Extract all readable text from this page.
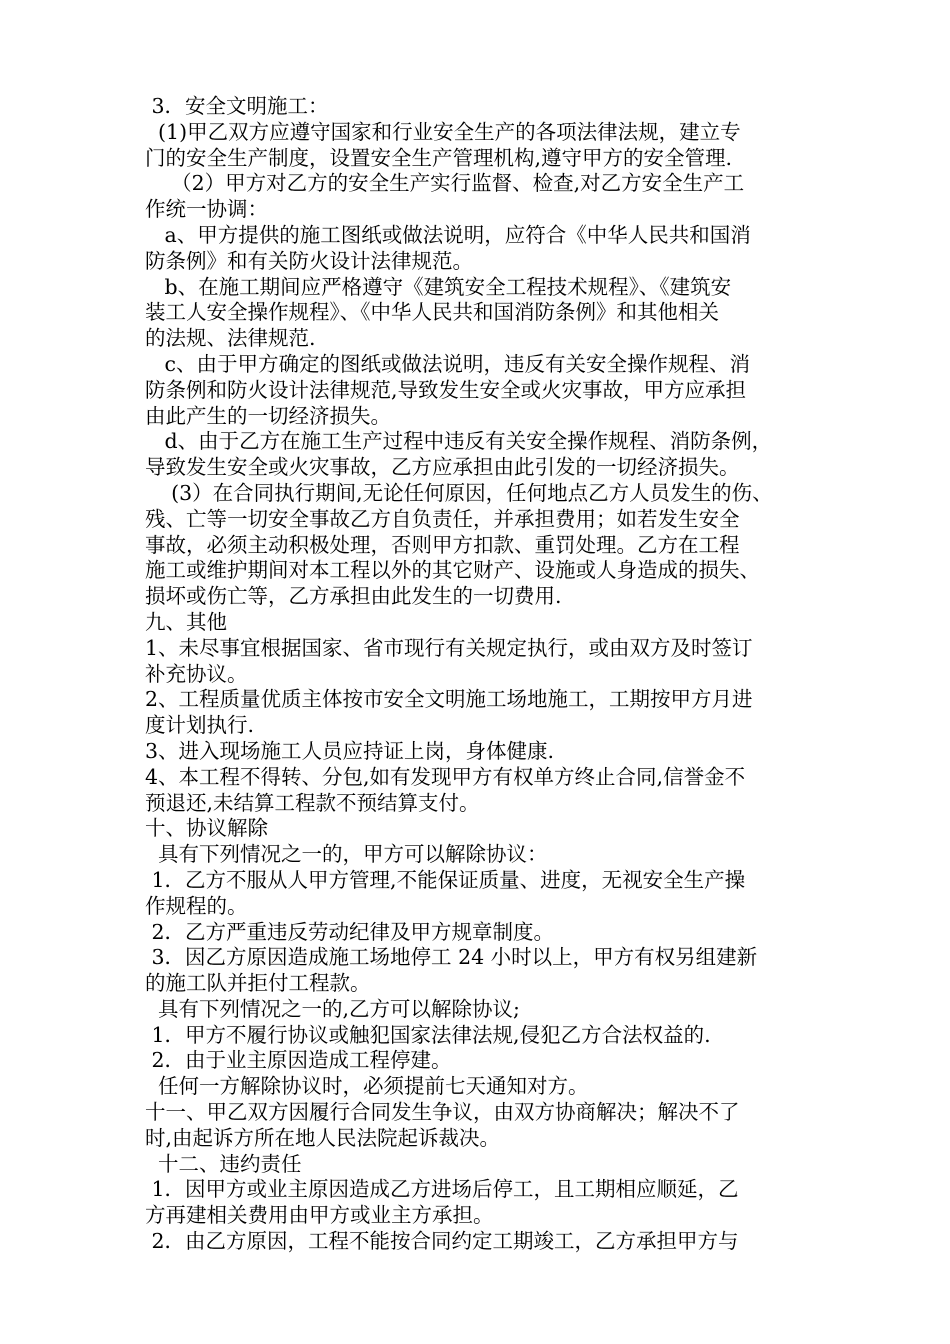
3．安全文明施工：
(1)甲乙双方应遵守国家和行业安全生产的各项法律法规，建立专
门的安全生产制度，设置安全生产管理机构,遵守甲方的安全管理.
（2）甲方对乙方的安全生产实行监督、检查,对乙方安全生产工
作统一协调：
a、甲方提供的施工图纸或做法说明，应符合《中华人民共和国消
防条例》和有关防火设计法律规范。
b、在施工期间应严格遵守《建筑安全工程技术规程》、《建筑安
装工人安全操作规程》、《中华人民共和国消防条例》和其他相关
的法规、法律规范.
c、由于甲方确定的图纸或做法说明，违反有关安全操作规程、消
防条例和防火设计法律规范,导致发生安全或火灾事故，甲方应承担
由此产生的一切经济损失。
d、由于乙方在施工生产过程中违反有关安全操作规程、消防条例，
导致发生安全或火灾事故，乙方应承担由此引发的一切经济损失。
(3）在合同执行期间,无论任何原因，任何地点乙方人员发生的伤、
残、亡等一切安全事故乙方自负责任，并承担费用；如若发生安全
事故，必须主动积极处理，否则甲方扣款、重罚处理。乙方在工程
施工或维护期间对本工程以外的其它财产、设施或人身造成的损失、
损坏或伤亡等，乙方承担由此发生的一切费用.
九、其他
1、未尽事宜根据国家、省市现行有关规定执行，或由双方及时签订
补充协议。
2、工程质量优质主体按市安全文明施工场地施工，工期按甲方月进
度计划执行.
3、进入现场施工人员应持证上岗，身体健康.
4、本工程不得转、分包,如有发现甲方有权单方终止合同,信誉金不
预退还,未结算工程款不预结算支付。
十、协议解除
具有下列情况之一的，甲方可以解除协议：
1．乙方不服从人甲方管理,不能保证质量、进度，无视安全生产操
作规程的。
2．乙方严重违反劳动纪律及甲方规章制度。
3．因乙方原因造成施工场地停工 24 小时以上，甲方有权另组建新
的施工队并拒付工程款。
具有下列情况之一的,乙方可以解除协议;
1．甲方不履行协议或触犯国家法律法规,侵犯乙方合法权益的.
2．由于业主原因造成工程停建。
任何一方解除协议时，必须提前七天通知对方。
十一、甲乙双方因履行合同发生争议，由双方协商解决；解决不了
时,由起诉方所在地人民法院起诉裁决。
十二、违约责任
1．因甲方或业主原因造成乙方进场后停工，且工期相应顺延，乙
方再建相关费用由甲方或业主方承担。
2．由乙方原因，工程不能按合同约定工期竣工，乙方承担甲方与
